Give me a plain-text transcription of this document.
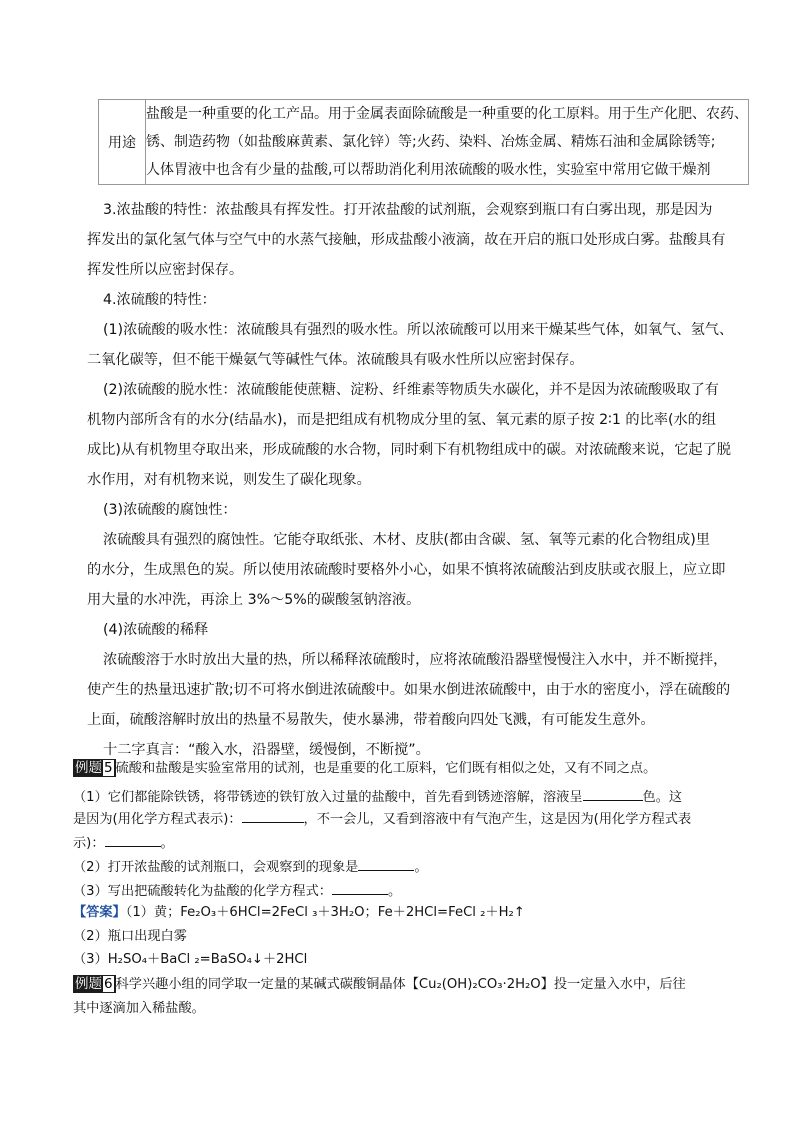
用途	
盐酸是一种重要的化工产品。用于金属表面除硫酸是一种重要的化工原料。用于生产化肥、农药、
锈、制造药物（如盐酸麻黄素、氯化锌）等;火药、染料、冶炼金属、精炼石油和金属除锈等;
人体胃液中也含有少量的盐酸,可以帮助消化利用浓硫酸的吸水性，实验室中常用它做干燥剂
3.浓盐酸的特性：浓盐酸具有挥发性。打开浓盐酸的试剂瓶，会观察到瓶口有白雾出现，那是因为
挥发出的氯化氢气体与空气中的水蒸气接触，形成盐酸小液滴，故在开启的瓶口处形成白雾。盐酸具有
挥发性所以应密封保存。
4.浓硫酸的特性：
(1)浓硫酸的吸水性：浓硫酸具有强烈的吸水性。所以浓硫酸可以用来干燥某些气体，如氧气、氢气、
二氧化碳等，但不能干燥氨气等碱性气体。浓硫酸具有吸水性所以应密封保存。
(2)浓硫酸的脱水性：浓硫酸能使蔗糖、淀粉、纤维素等物质失水碳化，并不是因为浓硫酸吸取了有
机物内部所含有的水分(结晶水)，而是把组成有机物成分里的氢、氧元素的原子按 2∶1 的比率(水的组
成比)从有机物里夺取出来，形成硫酸的水合物，同时剩下有机物组成中的碳。对浓硫酸来说，它起了脱
水作用，对有机物来说，则发生了碳化现象。
(3)浓硫酸的腐蚀性：
浓硫酸具有强烈的腐蚀性。它能夺取纸张、木材、皮肤(都由含碳、氢、氧等元素的化合物组成)里
的水分，生成黑色的炭。所以使用浓硫酸时要格外小心，如果不慎将浓硫酸沾到皮肤或衣服上，应立即
用大量的水冲洗，再涂上 3%～5%的碳酸氢钠溶液。
(4)浓硫酸的稀释
浓硫酸溶于水时放出大量的热，所以稀释浓硫酸时，应将浓硫酸沿器壁慢慢注入水中，并不断搅拌，
使产生的热量迅速扩散;切不可将水倒进浓硫酸中。如果水倒进浓硫酸中，由于水的密度小，浮在硫酸的
上面，硫酸溶解时放出的热量不易散失，使水暴沸，带着酸向四处飞溅，有可能发生意外。
十二字真言：“酸入水，沿器壁，缓慢倒，不断搅”。
例题 5 硫酸和盐酸是实验室常用的试剂，也是重要的化工原料，它们既有相似之处，又有不同之点。
（1）它们都能除铁锈，将带锈迹的铁钉放入过量的盐酸中，首先看到锈迹溶解，溶液呈	色。这
是因为(用化学方程式表示)：	，不一会儿，又看到溶液中有气泡产生，这是因为(用化学方程式表
示)：	。
（2）打开浓盐酸的试剂瓶口，会观察到的现象是	。
（3）写出把硫酸转化为盐酸的化学方程式：	。
【答案】（1）黄；Fe₂O₃＋6HCl=2FeCl ₃＋3H₂O；Fe＋2HCl=FeCl ₂＋H₂↑
（2）瓶口出现白雾
（3）H₂SO₄＋BaCl ₂=BaSO₄↓＋2HCl
例题 6 科学兴趣小组的同学取一定量的某碱式碳酸铜晶体【Cu₂(OH)₂CO₃·2H₂O】投一定量入水中，后往
其中逐滴加入稀盐酸。
